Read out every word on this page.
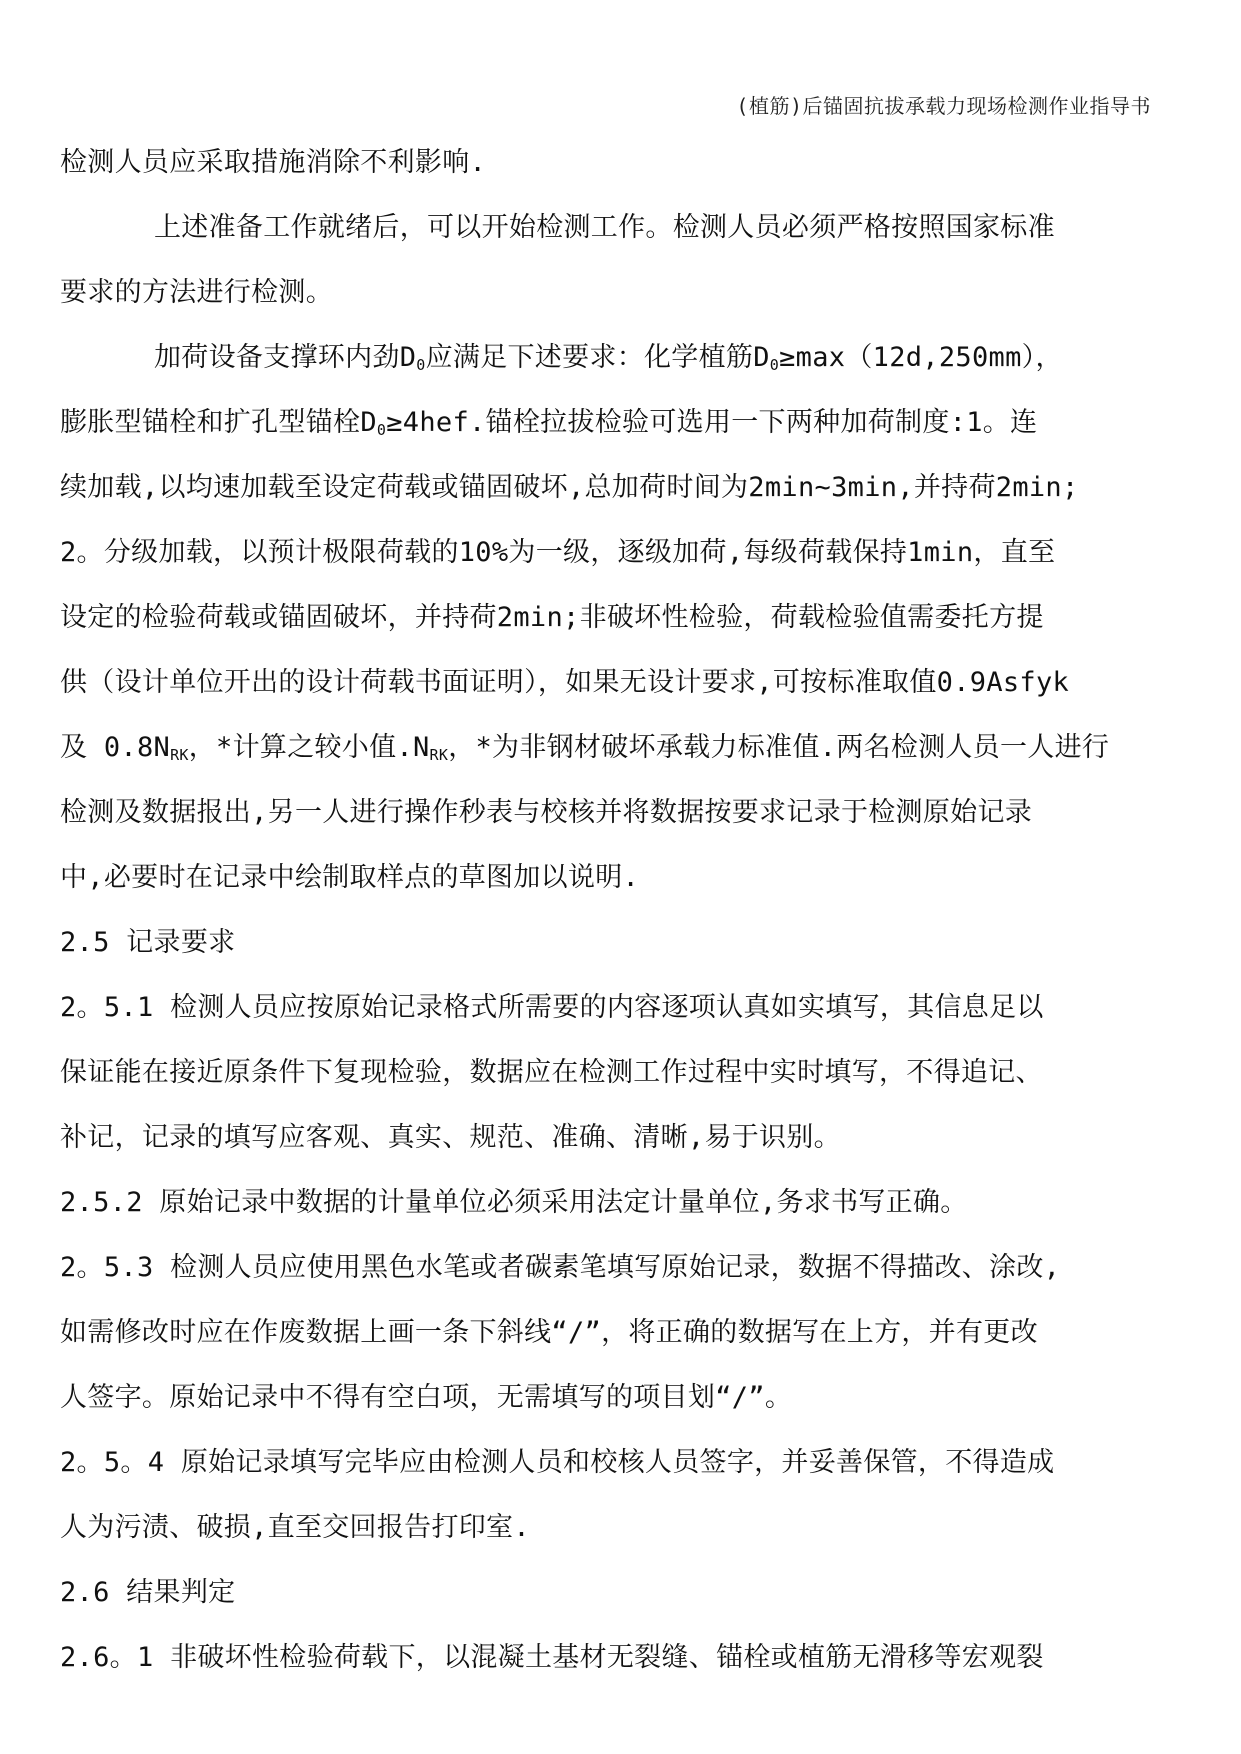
(植筋)后锚固抗拔承载力现场检测作业指导书
检测人员应采取措施消除不利影响.
上述准备工作就绪后，可以开始检测工作。检测人员必须严格按照国家标准
要求的方法进行检测。
加荷设备支撑环内劲$D_0$应满足下述要求：化学植筋$D_0\ge\max(12d,250mm)$，
膨胀型锚栓和扩孔型锚栓$D_0\ge 4hef$.锚栓拉拔检验可选用一下两种加荷制度:1。连
续加载,以均速加载至设定荷载或锚固破坏,总加荷时间为2min~3min,并持荷2min;
2。分级加载，以预计极限荷载的10%为一级，逐级加荷,每级荷载保持1min，直至
设定的检验荷载或锚固破坏，并持荷2min;非破坏性检验，荷载检验值需委托方提
供（设计单位开出的设计荷载书面证明），如果无设计要求,可按标准取值0.9Asfyk
及 $0.8N_{RK}$，*计算之较小值$.N_{RK}$，*为非钢材破坏承载力标准值.两名检测人员一人进行
检测及数据报出,另一人进行操作秒表与校核并将数据按要求记录于检测原始记录
中,必要时在记录中绘制取样点的草图加以说明.
2.5 记录要求
2。5.1 检测人员应按原始记录格式所需要的内容逐项认真如实填写，其信息足以
保证能在接近原条件下复现检验，数据应在检测工作过程中实时填写，不得追记、
补记，记录的填写应客观、真实、规范、准确、清晰,易于识别。
2.5.2 原始记录中数据的计量单位必须采用法定计量单位,务求书写正确。
2。5.3 检测人员应使用黑色水笔或者碳素笔填写原始记录，数据不得描改、涂改,
如需修改时应在作废数据上画一条下斜线“/”，将正确的数据写在上方，并有更改
人签字。原始记录中不得有空白项，无需填写的项目划“/”。
2。5。4 原始记录填写完毕应由检测人员和校核人员签字，并妥善保管，不得造成
人为污渍、破损,直至交回报告打印室.
2.6 结果判定
2.6。1 非破坏性检验荷载下，以混凝土基材无裂缝、锚栓或植筋无滑移等宏观裂
